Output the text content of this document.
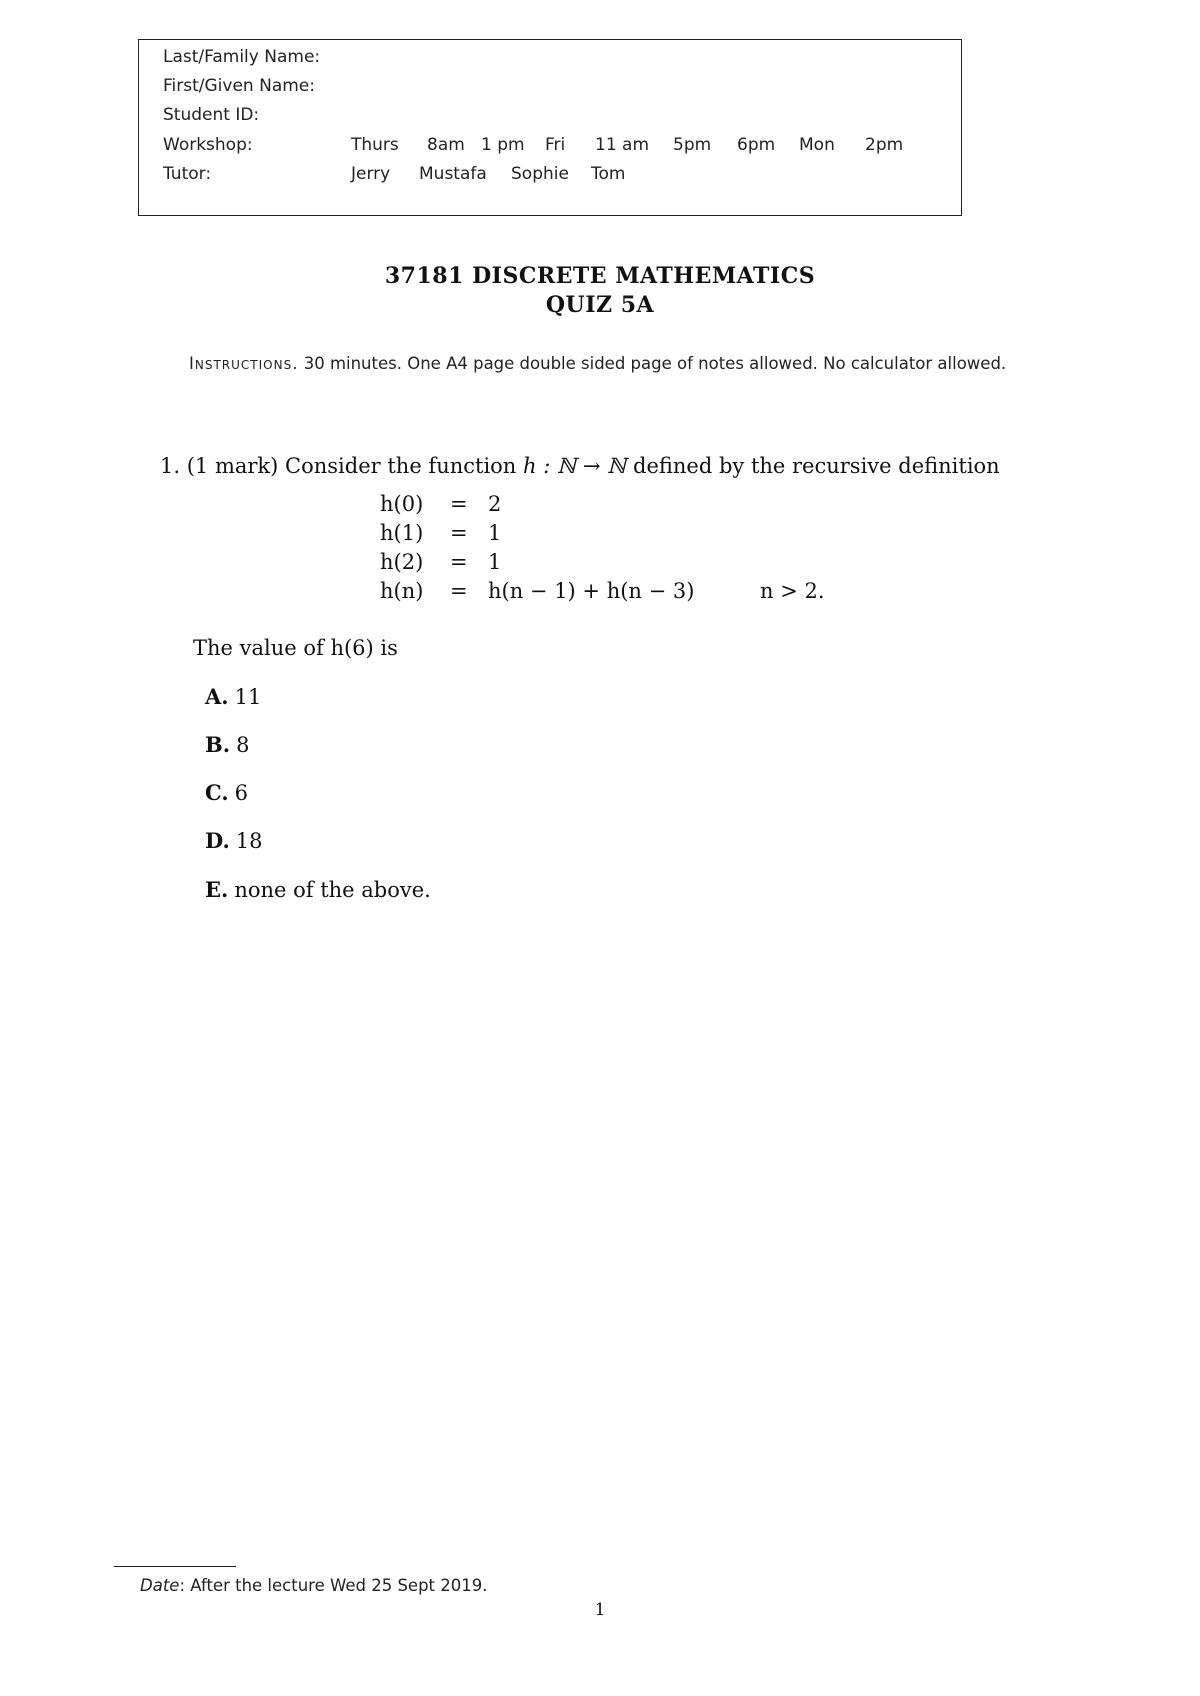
Last/Family Name:
First/Given Name:
Student ID:
Workshop:	Thurs 8am 1 pm Fri 11 am 5pm 6pm Mon 2pm
Tutor:	Jerry Mustafa Sophie Tom
37181 DISCRETE MATHEMATICS
QUIZ 5A
Instructions. 30 minutes. One A4 page double sided page of notes allowed. No calculator allowed.
1. (1 mark) Consider the function h : ℕ → ℕ defined by the recursive definition
h(0) = 2
h(1) = 1
h(2) = 1
h(n) = h(n − 1) + h(n − 3)	n > 2.
The value of h(6) is
A. 11
B. 8
C. 6
D. 18
E. none of the above.
Date: After the lecture Wed 25 Sept 2019.
1
